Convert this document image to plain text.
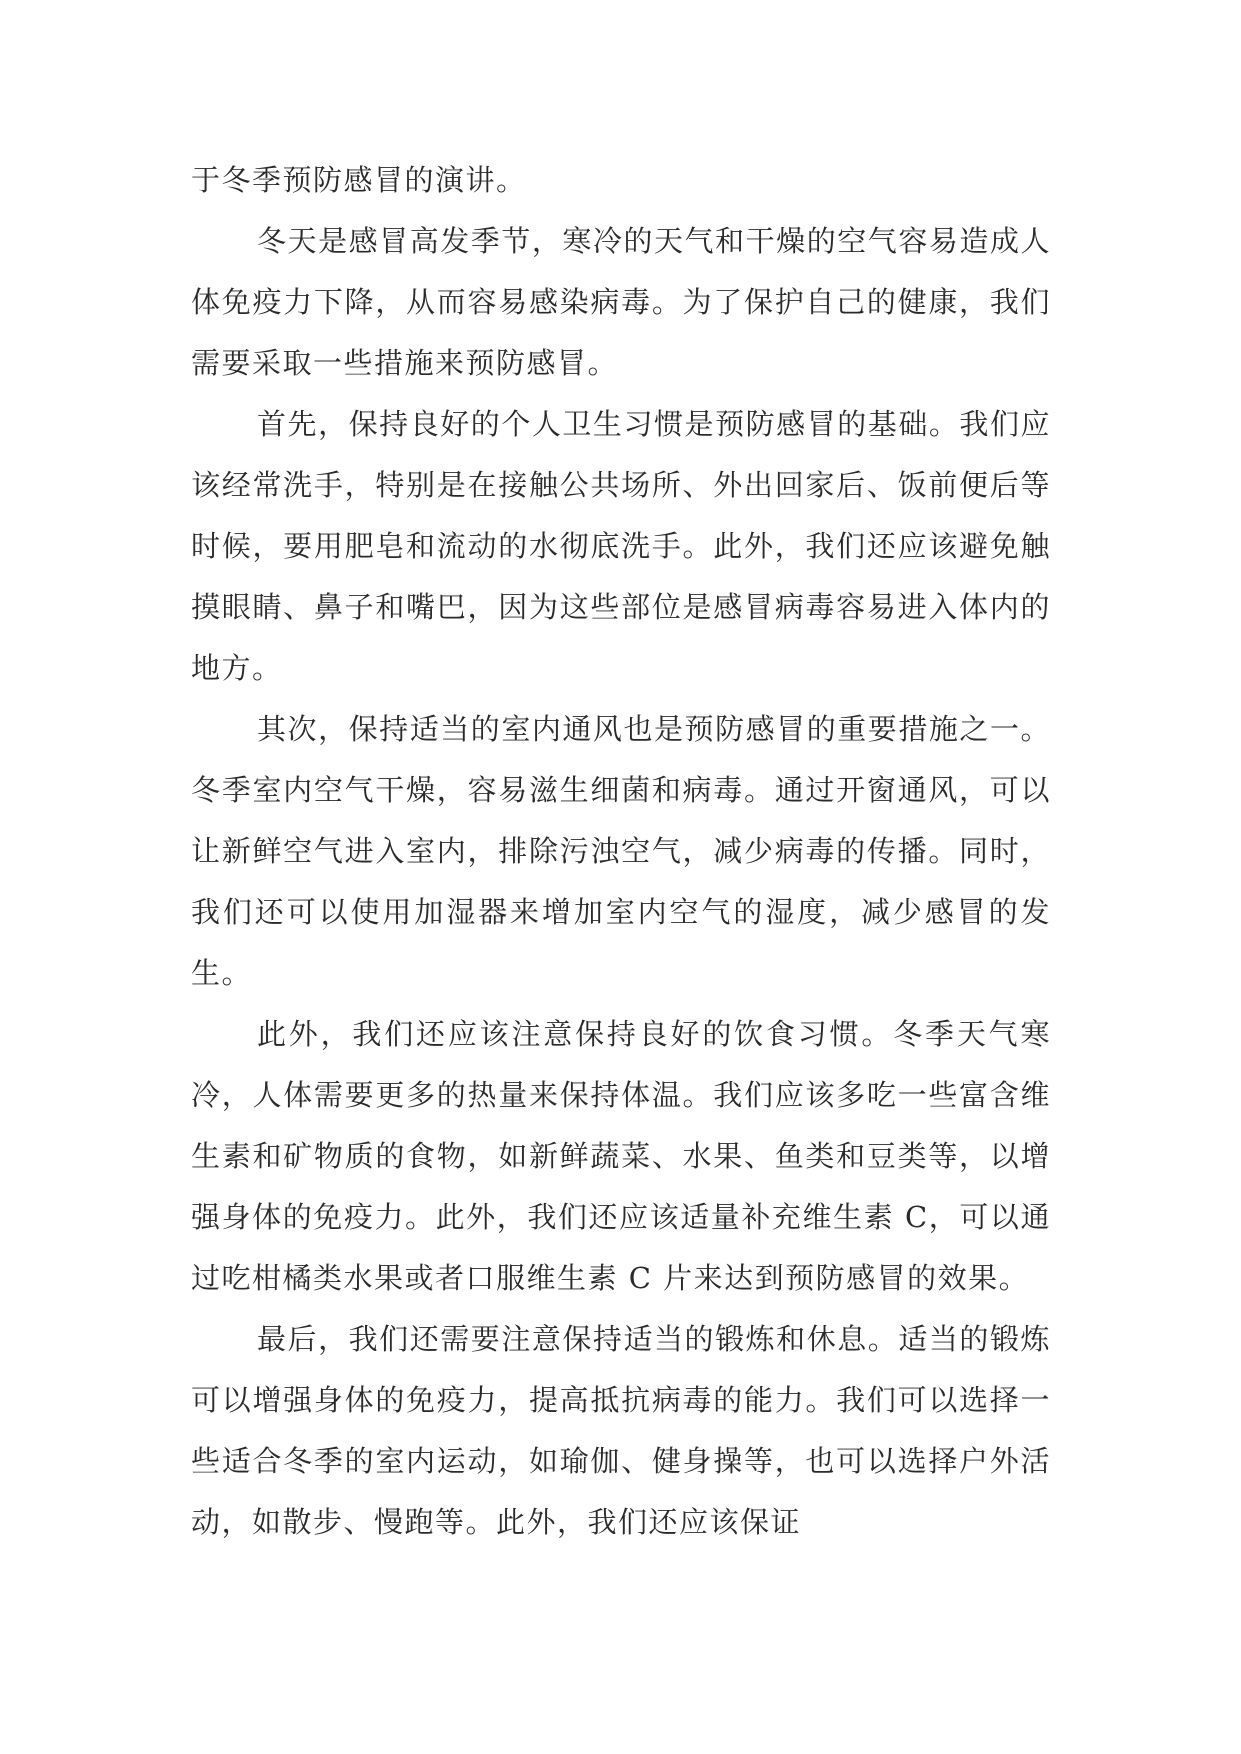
于冬季预防感冒的演讲。

冬天是感冒高发季节，寒冷的天气和干燥的空气容易造成人体免疫力下降，从而容易感染病毒。为了保护自己的健康，我们需要采取一些措施来预防感冒。

首先，保持良好的个人卫生习惯是预防感冒的基础。我们应该经常洗手，特别是在接触公共场所、外出回家后、饭前便后等时候，要用肥皂和流动的水彻底洗手。此外，我们还应该避免触摸眼睛、鼻子和嘴巴，因为这些部位是感冒病毒容易进入体内的地方。

其次，保持适当的室内通风也是预防感冒的重要措施之一。冬季室内空气干燥，容易滋生细菌和病毒。通过开窗通风，可以让新鲜空气进入室内，排除污浊空气，减少病毒的传播。同时，我们还可以使用加湿器来增加室内空气的湿度，减少感冒的发生。

此外，我们还应该注意保持良好的饮食习惯。冬季天气寒冷，人体需要更多的热量来保持体温。我们应该多吃一些富含维生素和矿物质的食物，如新鲜蔬菜、水果、鱼类和豆类等，以增强身体的免疫力。此外，我们还应该适量补充维生素 C，可以通过吃柑橘类水果或者口服维生素 C 片来达到预防感冒的效果。

最后，我们还需要注意保持适当的锻炼和休息。适当的锻炼可以增强身体的免疫力，提高抵抗病毒的能力。我们可以选择一些适合冬季的室内运动，如瑜伽、健身操等，也可以选择户外活动，如散步、慢跑等。此外，我们还应该保证
